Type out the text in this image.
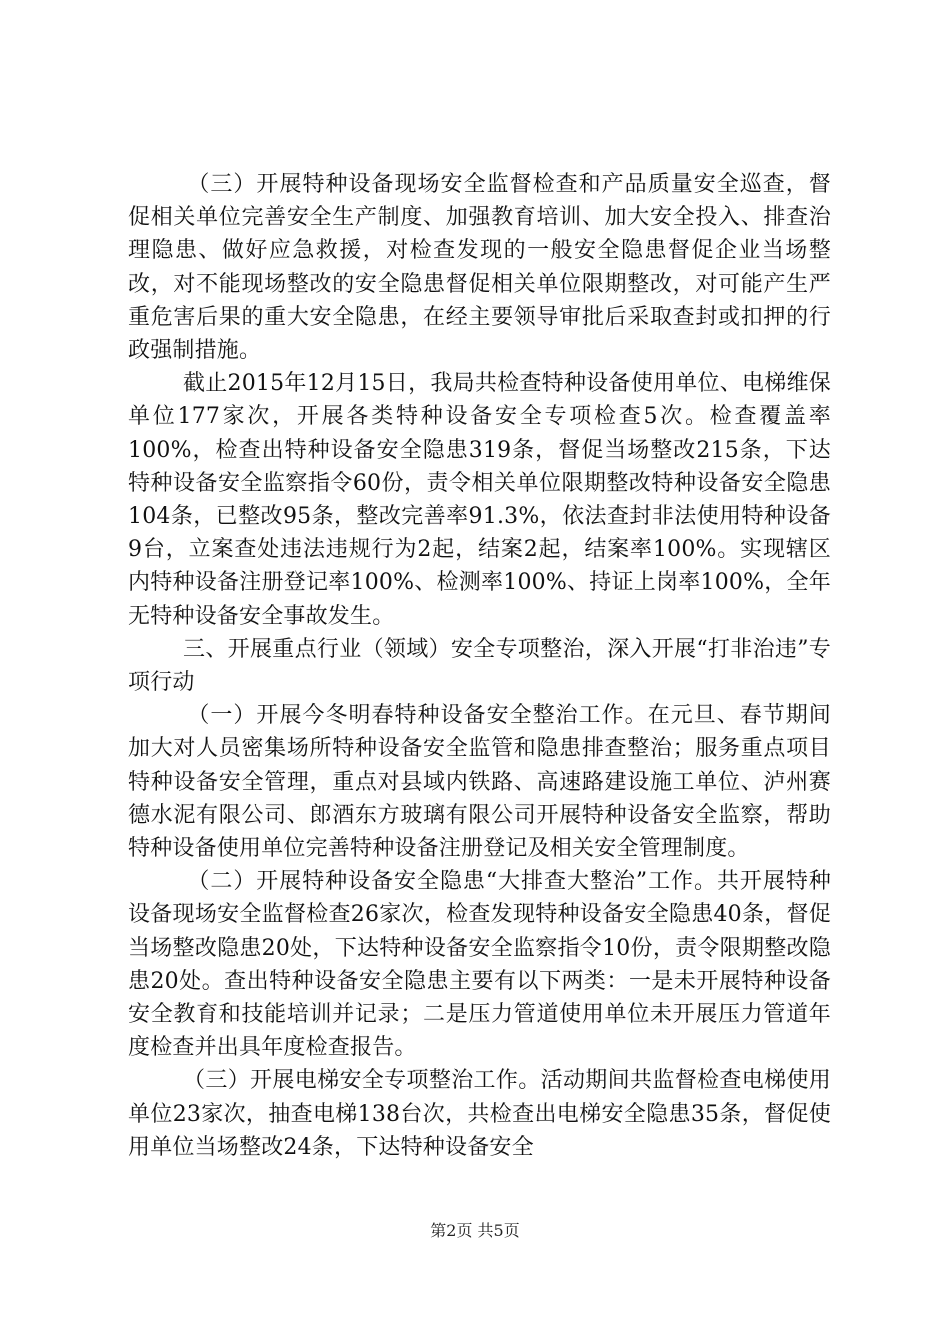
（三）开展特种设备现场安全监督检查和产品质量安全巡查，督促相关单位完善安全生产制度、加强教育培训、加大安全投入、排查治理隐患、做好应急救援，对检查发现的一般安全隐患督促企业当场整改，对不能现场整改的安全隐患督促相关单位限期整改，对可能产生严重危害后果的重大安全隐患，在经主要领导审批后采取查封或扣押的行政强制措施。

截止2015年12月15日，我局共检查特种设备使用单位、电梯维保单位177家次，开展各类特种设备安全专项检查5次。检查覆盖率100%，检查出特种设备安全隐患319条，督促当场整改215条，下达特种设备安全监察指令60份，责令相关单位限期整改特种设备安全隐患104条，已整改95条，整改完善率91.3%，依法查封非法使用特种设备9台，立案查处违法违规行为2起，结案2起，结案率100%。实现辖区内特种设备注册登记率100%、检测率100%、持证上岗率100%，全年无特种设备安全事故发生。

三、开展重点行业（领域）安全专项整治，深入开展“打非治违”专项行动

（一）开展今冬明春特种设备安全整治工作。在元旦、春节期间加大对人员密集场所特种设备安全监管和隐患排查整治；服务重点项目特种设备安全管理，重点对县域内铁路、高速路建设施工单位、泸州赛德水泥有限公司、郎酒东方玻璃有限公司开展特种设备安全监察，帮助特种设备使用单位完善特种设备注册登记及相关安全管理制度。

（二）开展特种设备安全隐患“大排查大整治”工作。共开展特种设备现场安全监督检查26家次，检查发现特种设备安全隐患40条，督促当场整改隐患20处，下达特种设备安全监察指令10份，责令限期整改隐患20处。查出特种设备安全隐患主要有以下两类：一是未开展特种设备安全教育和技能培训并记录；二是压力管道使用单位未开展压力管道年度检查并出具年度检查报告。

（三）开展电梯安全专项整治工作。活动期间共监督检查电梯使用单位23家次，抽查电梯138台次，共检查出电梯安全隐患35条，督促使用单位当场整改24条，下达特种设备安全

第2页 共5页
